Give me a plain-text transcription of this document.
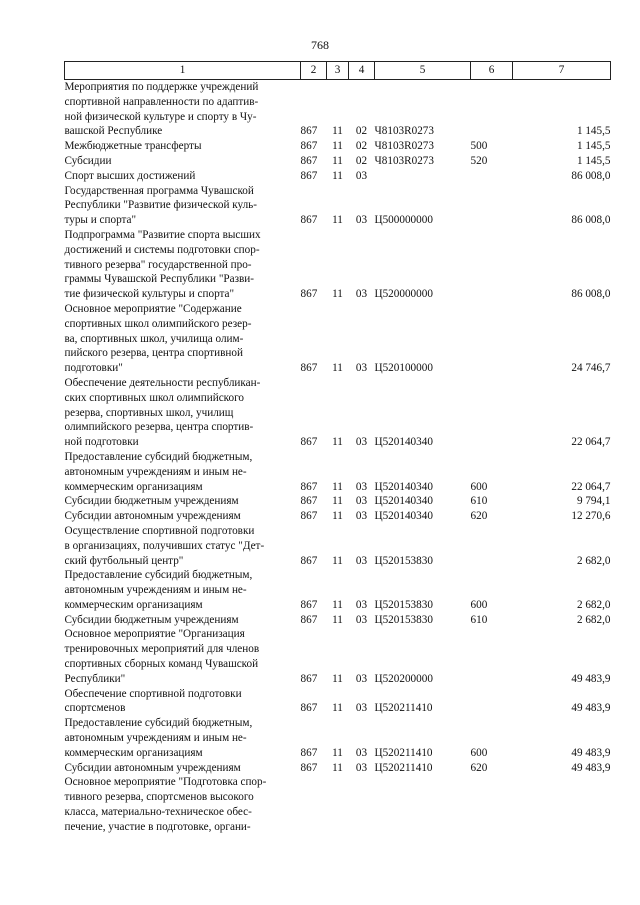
768
1	2	3	4	5	6	7

Мероприятия по поддержке учреждений
спортивной направленности по адаптив-
ной физической культуре и спорту в Чу-
вашской Республике	867	11	02	Ч8103R0273		1 145,5

Межбюджетные трансферты	867	11	02	Ч8103R0273	500	1 145,5

Субсидии	867	11	02	Ч8103R0273	520	1 145,5

Спорт высших достижений	867	11	03			86 008,0

Государственная программа Чувашской
Республики "Развитие физической куль-
туры и спорта"	867	11	03	Ц500000000		86 008,0

Подпрограмма "Развитие спорта высших
достижений и системы подготовки спор-
тивного резерва" государственной про-
граммы Чувашской Республики "Разви-
тие физической культуры и спорта"	867	11	03	Ц520000000		86 008,0

Основное мероприятие "Содержание
спортивных школ олимпийского резер-
ва, спортивных школ, училища олим-
пийского резерва, центра спортивной
подготовки"	867	11	03	Ц520100000		24 746,7

Обеспечение деятельности республикан-
ских спортивных школ олимпийского
резерва, спортивных школ, училищ
олимпийского резерва, центра спортив-
ной подготовки	867	11	03	Ц520140340		22 064,7

Предоставление субсидий бюджетным,
автономным учреждениям и иным не-
коммерческим организациям	867	11	03	Ц520140340	600	22 064,7

Субсидии бюджетным учреждениям	867	11	03	Ц520140340	610	9 794,1

Субсидии автономным учреждениям	867	11	03	Ц520140340	620	12 270,6

Осуществление спортивной подготовки
в организациях, получивших статус "Дет-
ский футбольный центр"	867	11	03	Ц520153830		2 682,0

Предоставление субсидий бюджетным,
автономным учреждениям и иным не-
коммерческим организациям	867	11	03	Ц520153830	600	2 682,0

Субсидии бюджетным учреждениям	867	11	03	Ц520153830	610	2 682,0

Основное мероприятие "Организация
тренировочных мероприятий для членов
спортивных сборных команд Чувашской
Республики"	867	11	03	Ц520200000		49 483,9

Обеспечение спортивной подготовки
спортсменов	867	11	03	Ц520211410		49 483,9

Предоставление субсидий бюджетным,
автономным учреждениям и иным не-
коммерческим организациям	867	11	03	Ц520211410	600	49 483,9

Субсидии автономным учреждениям	867	11	03	Ц520211410	620	49 483,9

Основное мероприятие "Подготовка спор-
тивного резерва, спортсменов высокого
класса, материально-техническое обес-
печение, участие в подготовке, органи-						
